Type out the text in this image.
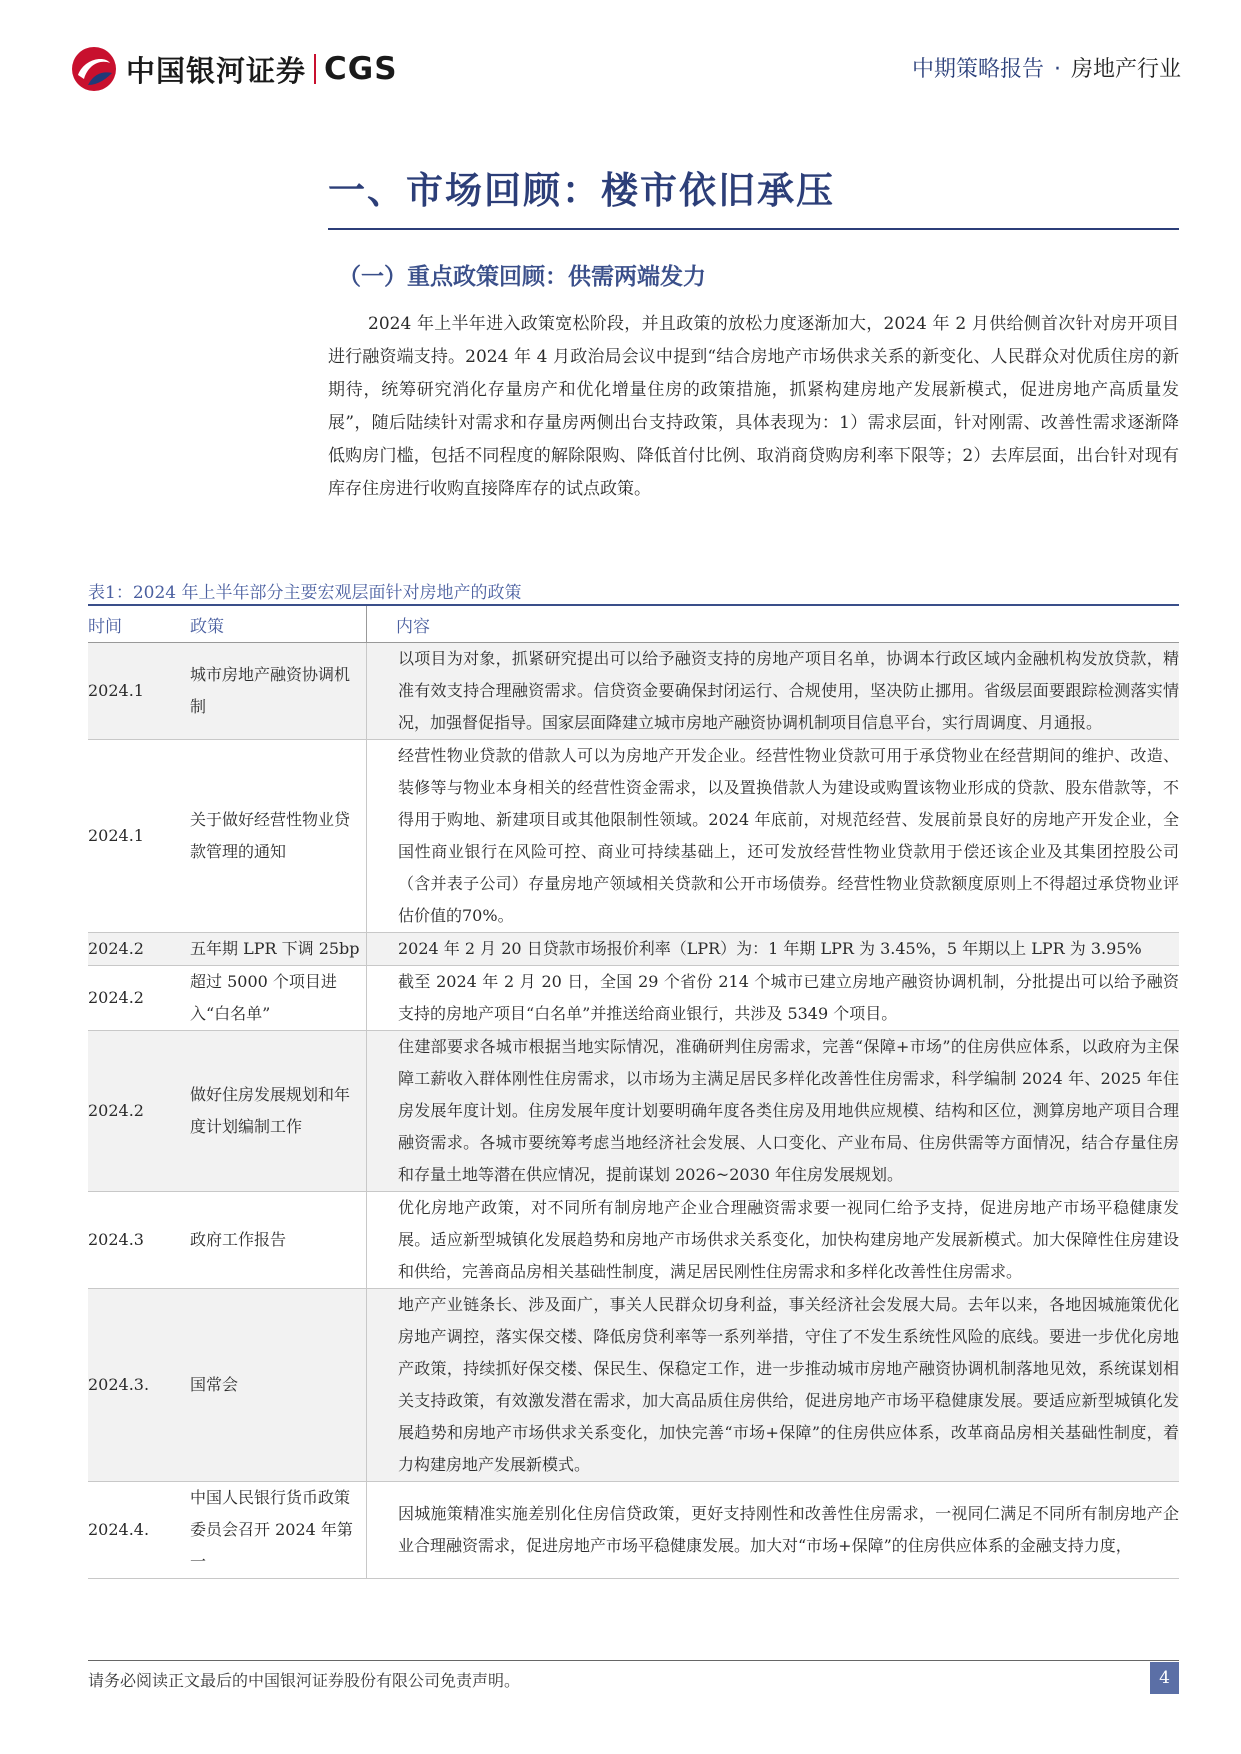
中国银河证券 CGS	中期策略报告 · 房地产行业
一、市场回顾：楼市依旧承压
（一）重点政策回顾：供需两端发力
2024 年上半年进入政策宽松阶段，并且政策的放松力度逐渐加大，2024 年 2 月供给侧首次针对房开项目进行融资端支持。2024 年 4 月政治局会议中提到“结合房地产市场供求关系的新变化、人民群众对优质住房的新期待，统筹研究消化存量房产和优化增量住房的政策措施，抓紧构建房地产发展新模式，促进房地产高质量发展”，随后陆续针对需求和存量房两侧出台支持政策，具体表现为：1）需求层面，针对刚需、改善性需求逐渐降低购房门槛，包括不同程度的解除限购、降低首付比例、取消商贷购房利率下限等；2）去库层面，出台针对现有库存住房进行收购直接降库存的试点政策。
表1：2024 年上半年部分主要宏观层面针对房地产的政策
时间	政策		内容
2024.1	城市房地产融资协调机制		以项目为对象，抓紧研究提出可以给予融资支持的房地产项目名单，协调本行政区域内金融机构发放贷款，精准有效支持合理融资需求。信贷资金要确保封闭运行、合规使用，坚决防止挪用。省级层面要跟踪检测落实情况，加强督促指导。国家层面降建立城市房地产融资协调机制项目信息平台，实行周调度、月通报。
2024.1	关于做好经营性物业贷款管理的通知		经营性物业贷款的借款人可以为房地产开发企业。经营性物业贷款可用于承贷物业在经营期间的维护、改造、装修等与物业本身相关的经营性资金需求，以及置换借款人为建设或购置该物业形成的贷款、股东借款等，不得用于购地、新建项目或其他限制性领域。2024 年底前，对规范经营、发展前景良好的房地产开发企业，全国性商业银行在风险可控、商业可持续基础上，还可发放经营性物业贷款用于偿还该企业及其集团控股公司（含并表子公司）存量房地产领域相关贷款和公开市场债券。经营性物业贷款额度原则上不得超过承贷物业评估价值的70%。
2024.2	五年期 LPR 下调 25bp		2024 年 2 月 20 日贷款市场报价利率（LPR）为：1 年期 LPR 为 3.45%，5 年期以上 LPR 为 3.95%
2024.2	超过 5000 个项目进入“白名单”		截至 2024 年 2 月 20 日，全国 29 个省份 214 个城市已建立房地产融资协调机制，分批提出可以给予融资支持的房地产项目“白名单”并推送给商业银行，共涉及 5349 个项目。
2024.2	做好住房发展规划和年度计划编制工作		住建部要求各城市根据当地实际情况，准确研判住房需求，完善“保障+市场”的住房供应体系，以政府为主保障工薪收入群体刚性住房需求，以市场为主满足居民多样化改善性住房需求，科学编制 2024 年、2025 年住房发展年度计划。住房发展年度计划要明确年度各类住房及用地供应规模、结构和区位，测算房地产项目合理融资需求。各城市要统筹考虑当地经济社会发展、人口变化、产业布局、住房供需等方面情况，结合存量住房和存量土地等潜在供应情况，提前谋划 2026~2030 年住房发展规划。
2024.3	政府工作报告		优化房地产政策，对不同所有制房地产企业合理融资需求要一视同仁给予支持，促进房地产市场平稳健康发展。适应新型城镇化发展趋势和房地产市场供求关系变化，加快构建房地产发展新模式。加大保障性住房建设和供给，完善商品房相关基础性制度，满足居民刚性住房需求和多样化改善性住房需求。
2024.3.	国常会		地产产业链条长、涉及面广，事关人民群众切身利益，事关经济社会发展大局。去年以来，各地因城施策优化房地产调控，落实保交楼、降低房贷利率等一系列举措，守住了不发生系统性风险的底线。要进一步优化房地产政策，持续抓好保交楼、保民生、保稳定工作，进一步推动城市房地产融资协调机制落地见效，系统谋划相关支持政策，有效激发潜在需求，加大高品质住房供给，促进房地产市场平稳健康发展。要适应新型城镇化发展趋势和房地产市场供求关系变化，加快完善“市场+保障”的住房供应体系，改革商品房相关基础性制度，着力构建房地产发展新模式。
2024.4.	中国人民银行货币政策委员会召开 2024 年第一		因城施策精准实施差别化住房信贷政策，更好支持刚性和改善性住房需求，一视同仁满足不同所有制房地产企业合理融资需求，促进房地产市场平稳健康发展。加大对“市场+保障”的住房供应体系的金融支持力度，
请务必阅读正文最后的中国银河证券股份有限公司免责声明。	4
